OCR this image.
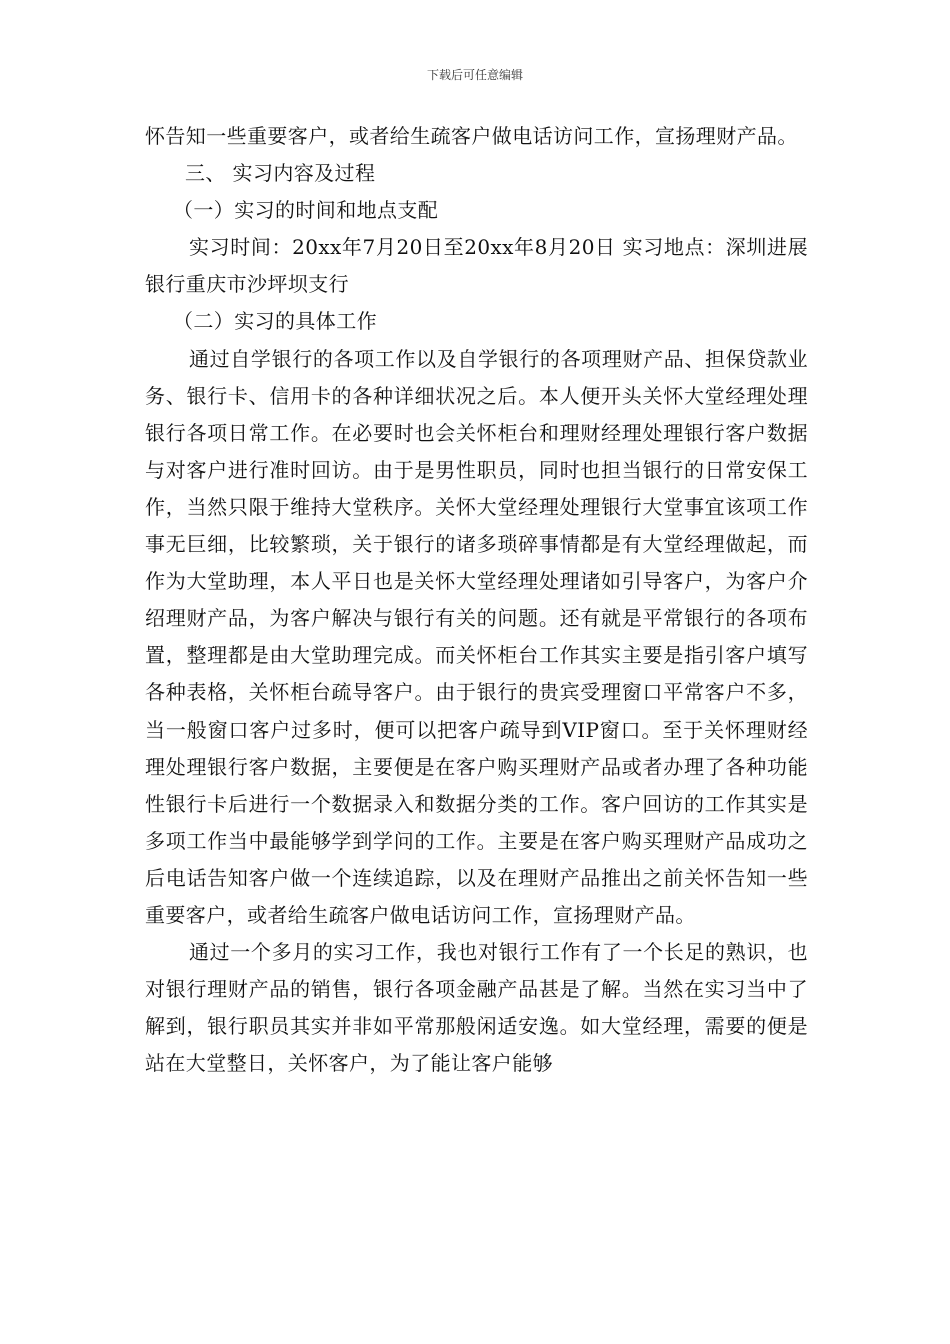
下载后可任意编辑

怀告知一些重要客户，或者给生疏客户做电话访问工作，宣扬理财产品。

三、 实习内容及过程

（一）实习的时间和地点支配

实习时间：20xx年7月20日至20xx年8月20日 实习地点：深圳进展银行重庆市沙坪坝支行

（二）实习的具体工作

通过自学银行的各项工作以及自学银行的各项理财产品、担保贷款业务、银行卡、信用卡的各种详细状况之后。本人便开头关怀大堂经理处理银行各项日常工作。在必要时也会关怀柜台和理财经理处理银行客户数据与对客户进行准时回访。由于是男性职员，同时也担当银行的日常安保工作，当然只限于维持大堂秩序。关怀大堂经理处理银行大堂事宜该项工作事无巨细，比较繁琐，关于银行的诸多琐碎事情都是有大堂经理做起，而作为大堂助理，本人平日也是关怀大堂经理处理诸如引导客户，为客户介绍理财产品，为客户解决与银行有关的问题。还有就是平常银行的各项布置，整理都是由大堂助理完成。而关怀柜台工作其实主要是指引客户填写各种表格，关怀柜台疏导客户。由于银行的贵宾受理窗口平常客户不多，当一般窗口客户过多时，便可以把客户疏导到VIP窗口。至于关怀理财经理处理银行客户数据，主要便是在客户购买理财产品或者办理了各种功能性银行卡后进行一个数据录入和数据分类的工作。客户回访的工作其实是多项工作当中最能够学到学问的工作。主要是在客户购买理财产品成功之后电话告知客户做一个连续追踪，以及在理财产品推出之前关怀告知一些重要客户，或者给生疏客户做电话访问工作，宣扬理财产品。

通过一个多月的实习工作，我也对银行工作有了一个长足的熟识，也对银行理财产品的销售，银行各项金融产品甚是了解。当然在实习当中了解到，银行职员其实并非如平常那般闲适安逸。如大堂经理，需要的便是站在大堂整日，关怀客户，为了能让客户能够
